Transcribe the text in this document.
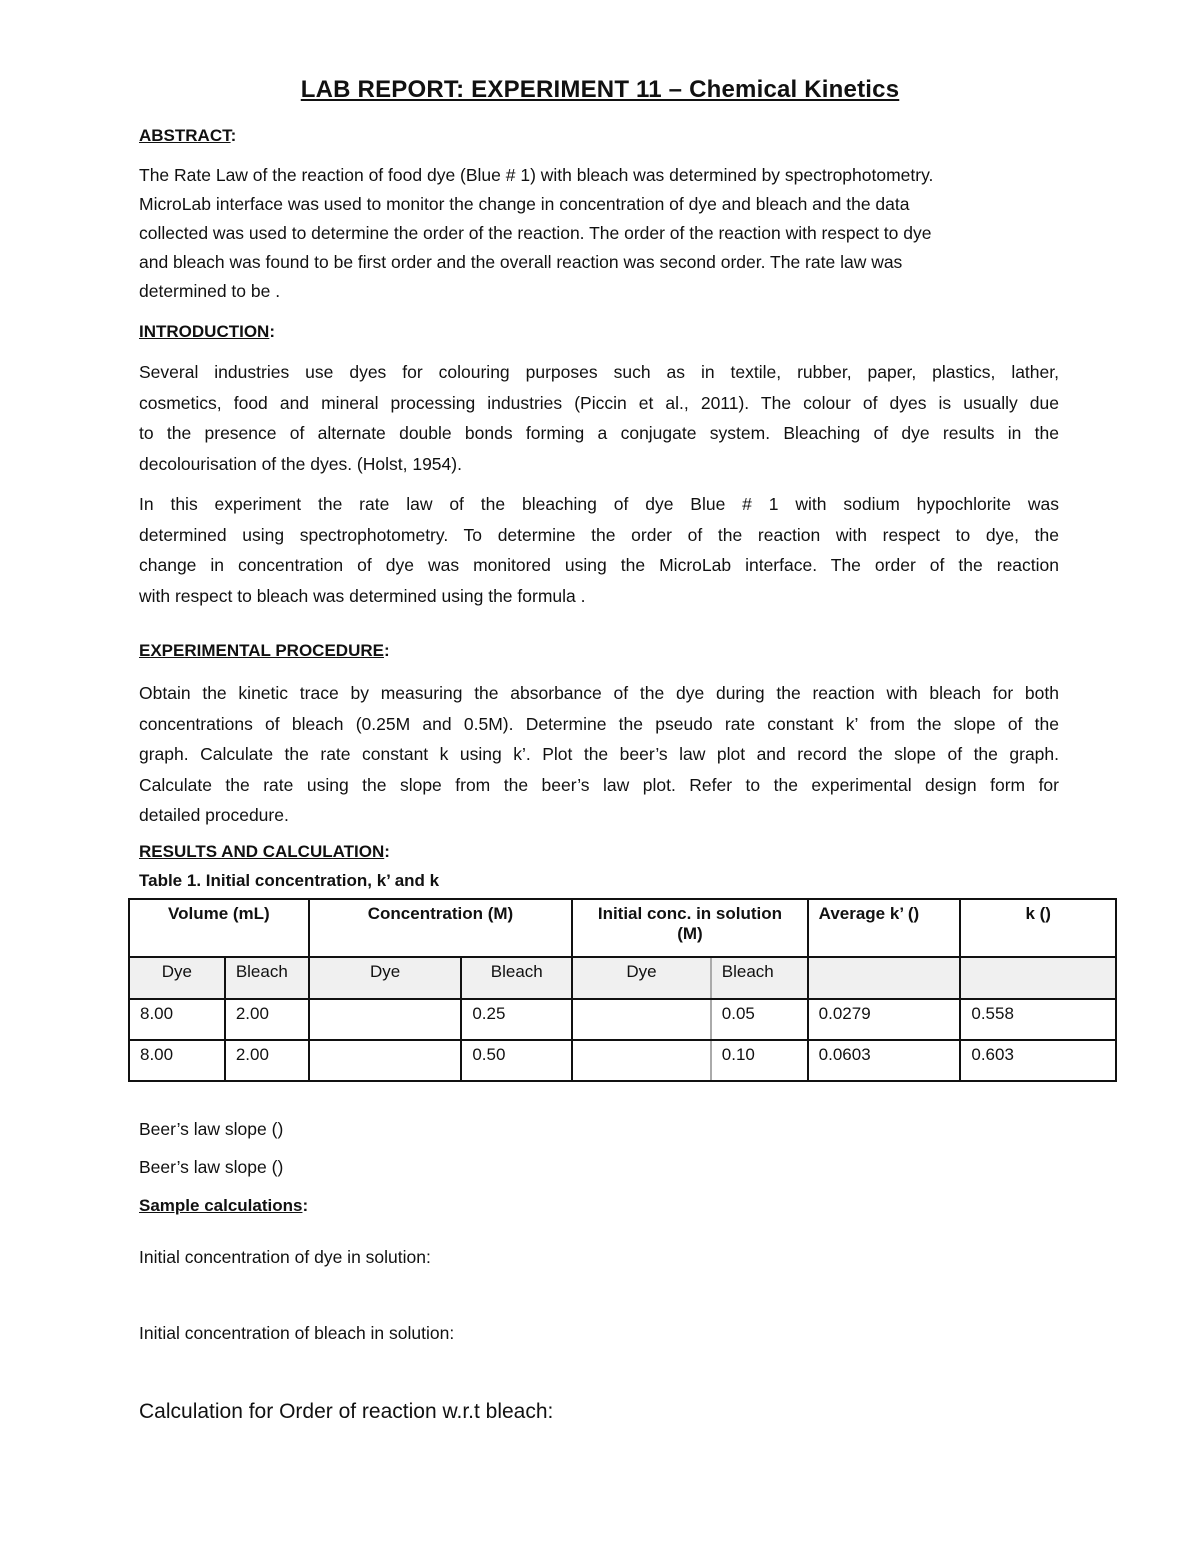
LAB REPORT: EXPERIMENT 11 – Chemical Kinetics
ABSTRACT:
The Rate Law of the reaction of food dye (Blue # 1) with bleach was determined by spectrophotometry.
MicroLab interface was used to monitor the change in concentration of dye and bleach and the data
collected was used to determine the order of the reaction. The order of the reaction with respect to dye
and bleach was found to be first order and the overall reaction was second order. The rate law was
determined to be .
INTRODUCTION:
Several industries use dyes for colouring purposes such as in textile, rubber, paper, plastics, lather,
cosmetics, food and mineral processing industries (Piccin et al., 2011). The colour of dyes is usually due
to the presence of alternate double bonds forming a conjugate system. Bleaching of dye results in the
decolourisation of the dyes. (Holst, 1954).
In this experiment the rate law of the bleaching of dye Blue # 1 with sodium hypochlorite was
determined using spectrophotometry. To determine the order of the reaction with respect to dye, the
change in concentration of dye was monitored using the MicroLab interface. The order of the reaction
with respect to bleach was determined using the formula .
EXPERIMENTAL PROCEDURE:
Obtain the kinetic trace by measuring the absorbance of the dye during the reaction with bleach for both
concentrations of bleach (0.25M and 0.5M). Determine the pseudo rate constant k’ from the slope of the
graph. Calculate the rate constant k using k’. Plot the beer’s law plot and record the slope of the graph.
Calculate the rate using the slope from the beer’s law plot. Refer to the experimental design form for
detailed procedure.
RESULTS AND CALCULATION:
Table 1. Initial concentration, k’ and k
Volume (mL)		Concentration (M)		Initial conc. in solution (M)		Average k’ ()	k ()
Dye	Bleach	Dye	Bleach	Dye	Bleach		
8.00	2.00		0.25		0.05	0.0279	0.558
8.00	2.00		0.50		0.10	0.0603	0.603
Beer’s law slope ()
Beer’s law slope ()
Sample calculations:
Initial concentration of dye in solution:
Initial concentration of bleach in solution:
Calculation for Order of reaction w.r.t bleach:
